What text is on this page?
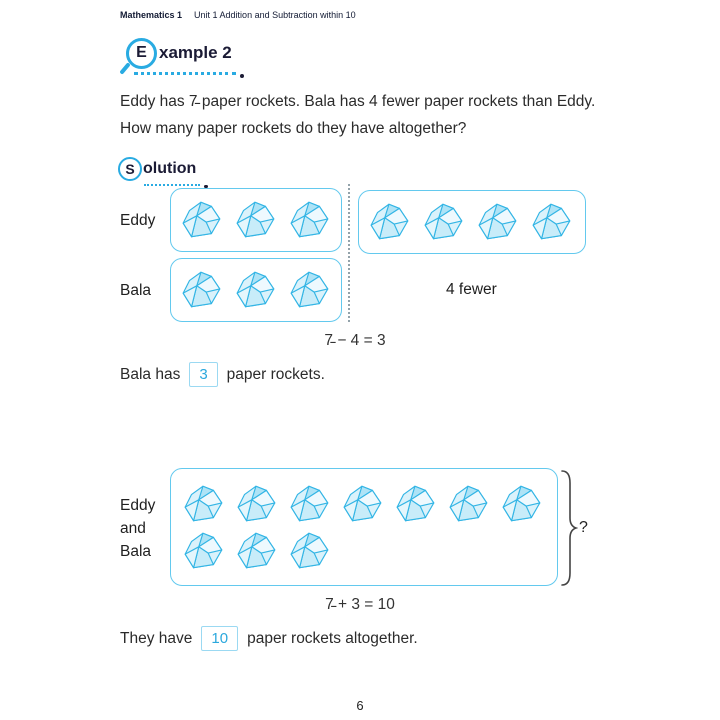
Mathematics 1 Unit 1 Addition and Subtraction within 10
E xample 2
Eddy has 7̵ paper rockets. Bala has 4 fewer paper rockets than Eddy.
How many paper rockets do they have altogether?
S olution
Eddy
Bala	4 fewer
7̵ − 4 = 3
Bala has	3	paper rockets.
Eddy
and
Bala
?
7̵ + 3 = 10
They have	10	paper rockets altogether.
6
